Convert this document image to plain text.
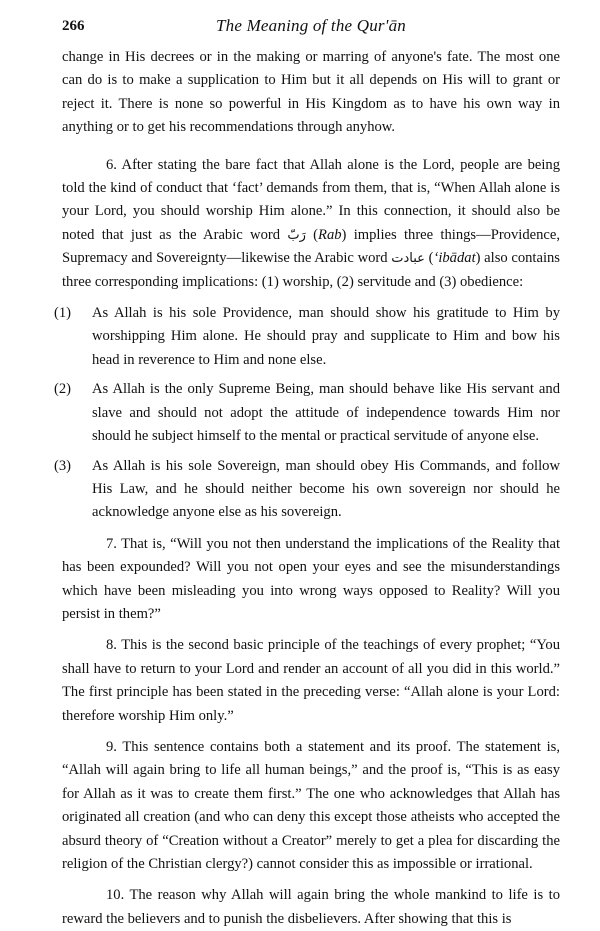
266	The Meaning of the Qur'ān

change in His decrees or in the making or marring of anyone's fate. The most one can do is to make a supplication to Him but it all depends on His will to grant or reject it. There is none so powerful in His Kingdom as to have his own way in anything or to get his recommendations through anyhow.

6. After stating the bare fact that Allah alone is the Lord, people are being told the kind of conduct that ‘fact’ demands from them, that is, “When Allah alone is your Lord, you should worship Him alone.” In this connection, it should also be noted that just as the Arabic word رَبّ (Rab) implies three things—Providence, Supremacy and Sovereignty—likewise the Arabic word عبادت (‘ibādat) also contains three corresponding implications: (1) worship, (2) servitude and (3) obedience:

(1)	As Allah is his sole Providence, man should show his gratitude to Him by worshipping Him alone. He should pray and supplicate to Him and bow his head in reverence to Him and none else.
(2)	As Allah is the only Supreme Being, man should behave like His servant and slave and should not adopt the attitude of independence towards Him nor should he subject himself to the mental or practical servitude of anyone else.
(3)	As Allah is his sole Sovereign, man should obey His Commands, and follow His Law, and he should neither become his own sovereign nor should he acknowledge anyone else as his sovereign.

7. That is, “Will you not then understand the implications of the Reality that has been expounded? Will you not open your eyes and see the misunderstandings which have been misleading you into wrong ways opposed to Reality? Will you persist in them?”

8. This is the second basic principle of the teachings of every prophet; “You shall have to return to your Lord and render an account of all you did in this world.” The first principle has been stated in the preceding verse: “Allah alone is your Lord: therefore worship Him only.”

9. This sentence contains both a statement and its proof. The statement is, “Allah will again bring to life all human beings,” and the proof is, “This is as easy for Allah as it was to create them first.” The one who acknowledges that Allah has originated all creation (and who can deny this except those atheists who accepted the absurd theory of “Creation without a Creator” merely to get a plea for discarding the religion of the Christian clergy?) cannot consider this as impossible or irrational.

10. The reason why Allah will again bring the whole mankind to life is to reward the believers and to punish the disbelievers. After showing that this is
